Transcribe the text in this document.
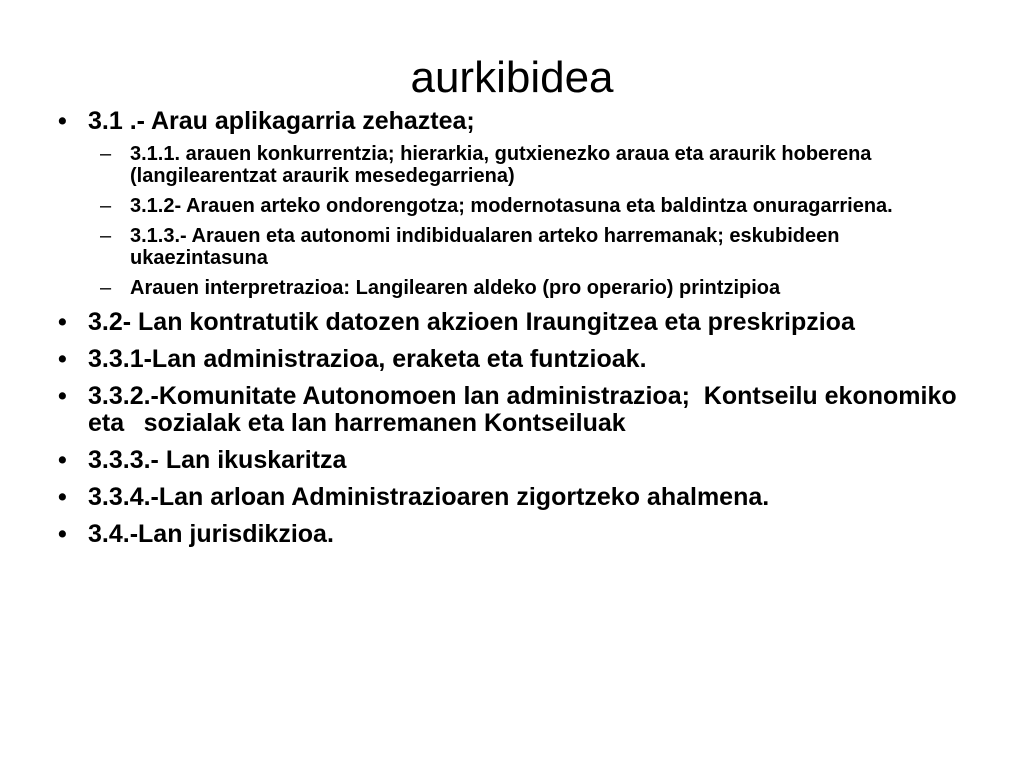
aurkibidea
• 3.1 .- Arau aplikagarria zehaztea;
– 3.1.1. arauen konkurrentzia; hierarkia, gutxienezko araua eta araurik hoberena (langilearentzat araurik mesedegarriena)
– 3.1.2- Arauen arteko ondorengotza; modernotasuna eta baldintza onuragarriena.
– 3.1.3.- Arauen eta autonomi indibidualaren arteko harremanak; eskubideen ukaezintasuna
– Arauen interpretrazioa: Langilearen aldeko (pro operario) printzipioa
• 3.2- Lan kontratutik datozen akzioen Iraungitzea eta preskripzioa
• 3.3.1-Lan administrazioa, eraketa eta funtzioak.
• 3.3.2.-Komunitate Autonomoen lan administrazioa;  Kontseilu ekonomiko eta	sozialak eta lan harremanen Kontseiluak
• 3.3.3.- Lan ikuskaritza
• 3.3.4.-Lan arloan Administrazioaren zigortzeko ahalmena.
• 3.4.-Lan jurisdikzioa.
